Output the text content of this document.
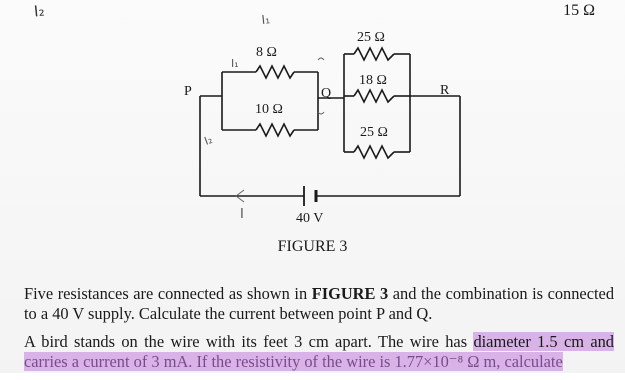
I₂	15 Ω
P	Q	R
8 Ω
10 Ω
25 Ω
18 Ω
25 Ω
40 V
I₁
I₁
I₂
I
FIGURE 3

Five resistances are connected as shown in FIGURE 3 and the combination is connected to a 40 V supply. Calculate the current between point P and Q.

A bird stands on the wire with its feet 3 cm apart. The wire has diameter 1.5 cm and carries a current of 3 mA. If the resistivity of the wire is 1.77×10⁻⁸ Ω m, calculate
